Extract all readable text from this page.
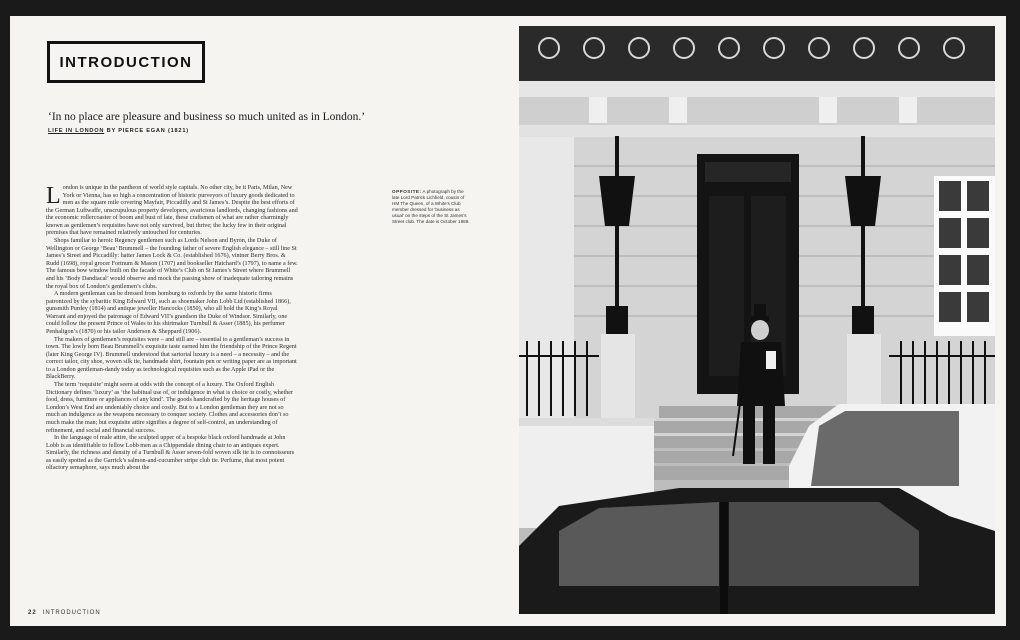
INTRODUCTION
‘In no place are pleasure and business so much united as in London.’
LIFE IN LONDON BY PIERCE EGAN (1821)

London is unique in the pantheon of world style capitals. No other city, be it Paris, Milan, New York or Vienna, has so high a concentration of historic purveyors of luxury goods dedicated to men as the square mile covering Mayfair, Piccadilly and St James’s. Despite the best efforts of the German Luftwaffe, unscrupulous property developers, avaricious landlords, changing fashions and the economic rollercoaster of boom and bust of late, these craftsmen of what are rather charmingly known as gentlemen’s requisites have not only survived, but thrive; the lucky few in their original premises that have remained relatively untouched for centuries.

Shops familiar to heroic Regency gentlemen such as Lords Nelson and Byron, the Duke of Wellington or George ‘Beau’ Brummell – the founding father of severe English elegance – still line St James’s Street and Piccadilly: hatter James Lock & Co. (established 1676), vintner Berry Bros. & Rudd (1698), royal grocer Fortnum & Mason (1707) and bookseller Hatchard’s (1797), to name a few. The famous bow window built on the facade of White’s Club on St James’s Street where Brummell and his ‘Body Dandiacal’ would observe and mock the passing show of inadequate tailoring remains the royal box of London’s gentlemen’s clubs.

A modern gentleman can be dressed from homburg to oxfords by the same historic firms patronized by the sybaritic King Edward VII, such as shoemaker John Lobb Ltd (established 1866), gunsmith Purdey (1814) and antique jeweller Hancocks (1850), who all hold the King’s Royal Warrant and enjoyed the patronage of Edward VII’s grandson the Duke of Windsor. Similarly, one could follow the present Prince of Wales to his shirtmaker Turnbull & Asser (1885), his perfumer Penhaligon’s (1870) or his tailor Anderson & Sheppard (1906).

The makers of gentlemen’s requisites were – and still are – essential to a gentleman’s success in town. The lowly born Beau Brummell’s exquisite taste earned him the friendship of the Prince Regent (later King George IV). Brummell understood that sartorial luxury is a need – a necessity – and the correct tailor, city shoe, woven silk tie, handmade shirt, fountain pen or writing paper are as important to a London gentleman-dandy today as technological requisites such as the Apple iPad or the BlackBerry.

The term ‘requisite’ might seem at odds with the concept of a luxury. The Oxford English Dictionary defines ‘luxury’ as ‘the habitual use of, or indulgence in what is choice or costly, whether food, dress, furniture or appliances of any kind’. The goods handcrafted by the heritage houses of London’s West End are undeniably choice and costly. But to a London gentleman they are not so much an indulgence as the weapons necessary to conquer society. Clothes and accessories don’t so much make the man; but exquisite attire signifies a degree of self-control, an understanding of refinement, and social and financial success.

In the language of male attire, the sculpted upper of a bespoke black oxford handmade at John Lobb is as identifiable to fellow Lobb men as a Chippendale dining chair to an antiques expert. Similarly, the richness and density of a Turnbull & Asser seven-fold woven silk tie is to connoisseurs as easily spotted as the Garrick’s salmon-and-cucumber stripe club tie. Perfume, that most potent olfactory semaphore, says much about the

OPPOSITE: A photograph by the late Lord Patrick Lichfield, cousin of HM The Queen, of a White’s Club member dressed for ‘business as usual’ on the steps of the St James’s Street club. The date is October 1989.
22 INTRODUCTION
